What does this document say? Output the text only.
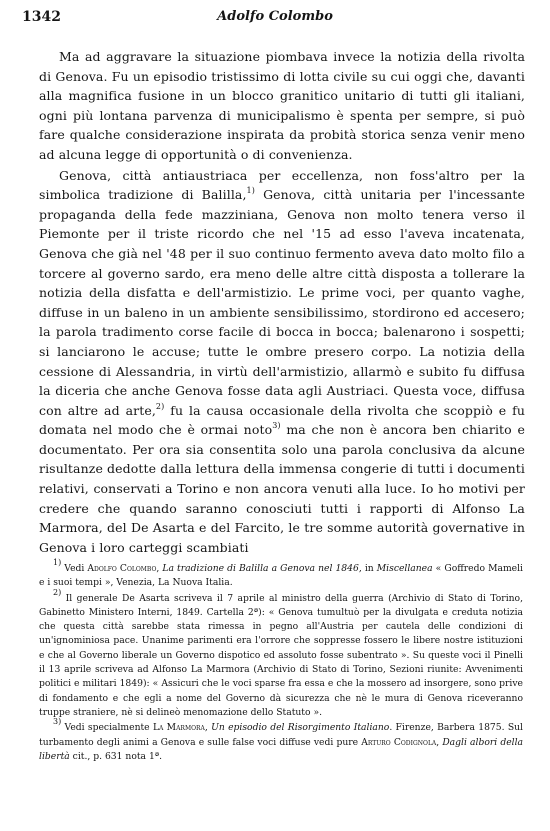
1342	Adolfo Colombo

Ma ad aggravare la situazione piombava invece la notizia della rivolta di Genova. Fu un episodio tristissimo di lotta civile su cui oggi che, davanti alla magnifica fusione in un blocco granitico unitario di tutti gli italiani, ogni più lontana parvenza di municipalismo è spenta per sempre, si può fare qualche considerazione inspirata da probità storica senza venir meno ad alcuna legge di opportunità o di convenienza.

Genova, città antiaustriaca per eccellenza, non foss'altro per la simbolica tradizione di Balilla,$^{1)}$ Genova, città unitaria per l'incessante propaganda della fede mazziniana, Genova non molto tenera verso il Piemonte per il triste ricordo che nel '15 ad esso l'aveva incatenata, Genova che già nel '48 per il suo continuo fermento aveva dato molto filo a torcere al governo sardo, era meno delle altre città disposta a tollerare la notizia della disfatta e dell'armistizio. Le prime voci, per quanto vaghe, diffuse in un baleno in un ambiente sensibilissimo, stordirono ed accesero; la parola tradimento corse facile di bocca in bocca; balenarono i sospetti; si lanciarono le accuse; tutte le ombre presero corpo. La notizia della cessione di Alessandria, in virtù dell'armistizio, allarmò e subito fu diffusa la diceria che anche Genova fosse data agli Austriaci. Questa voce, diffusa con altre ad arte,$^{2)}$ fu la causa occasionale della rivolta che scoppiò e fu domata nel modo che è ormai noto$^{3)}$ ma che non è ancora ben chiarito e documentato. Per ora sia consentita solo una parola conclusiva da alcune risultanze dedotte dalla lettura della immensa congerie di tutti i documenti relativi, conservati a Torino e non ancora venuti alla luce. Io ho motivi per credere che quando saranno conosciuti tutti i rapporti di Alfonso La Marmora, del De Asarta e del Farcito, le tre somme autorità governative in Genova i loro carteggi scambiati

$^{1)}$ Vedi Adolfo Colombo, La tradizione di Balilla a Genova nel 1846, in Miscellanea « Goffredo Mameli e i suoi tempi », Venezia, La Nuova Italia.

$^{2)}$ Il generale De Asarta scriveva il 7 aprile al ministro della guerra (Archivio di Stato di Torino, Gabinetto Ministero Interni, 1849. Cartella 2ª): « Genova tumultuò per la divulgata e creduta notizia che questa città sarebbe stata rimessa in pegno all'Austria per cautela delle condizioni di un'ignominiosa pace. Unanime parimenti era l'orrore che soppresse fossero le libere nostre istituzioni e che al Governo liberale un Governo dispotico ed assoluto fosse subentrato ». Su queste voci il Pinelli il 13 aprile scriveva ad Alfonso La Marmora (Archivio di Stato di Torino, Sezioni riunite: Avvenimenti politici e militari 1849): « Assicuri che le voci sparse fra essa e che la mossero ad insorgere, sono prive di fondamento e che egli a nome del Governo dà sicurezza che nè le mura di Genova riceveranno truppe straniere, nè si delineò menomazione dello Statuto ».

$^{3)}$ Vedi specialmente La Marmora, Un episodio del Risorgimento Italiano. Firenze, Barbera 1875. Sul turbamento degli animi a Genova e sulle false voci diffuse vedi pure Arturo Codignola, Dagli albori della libertà cit., p. 631 nota 1ª.
